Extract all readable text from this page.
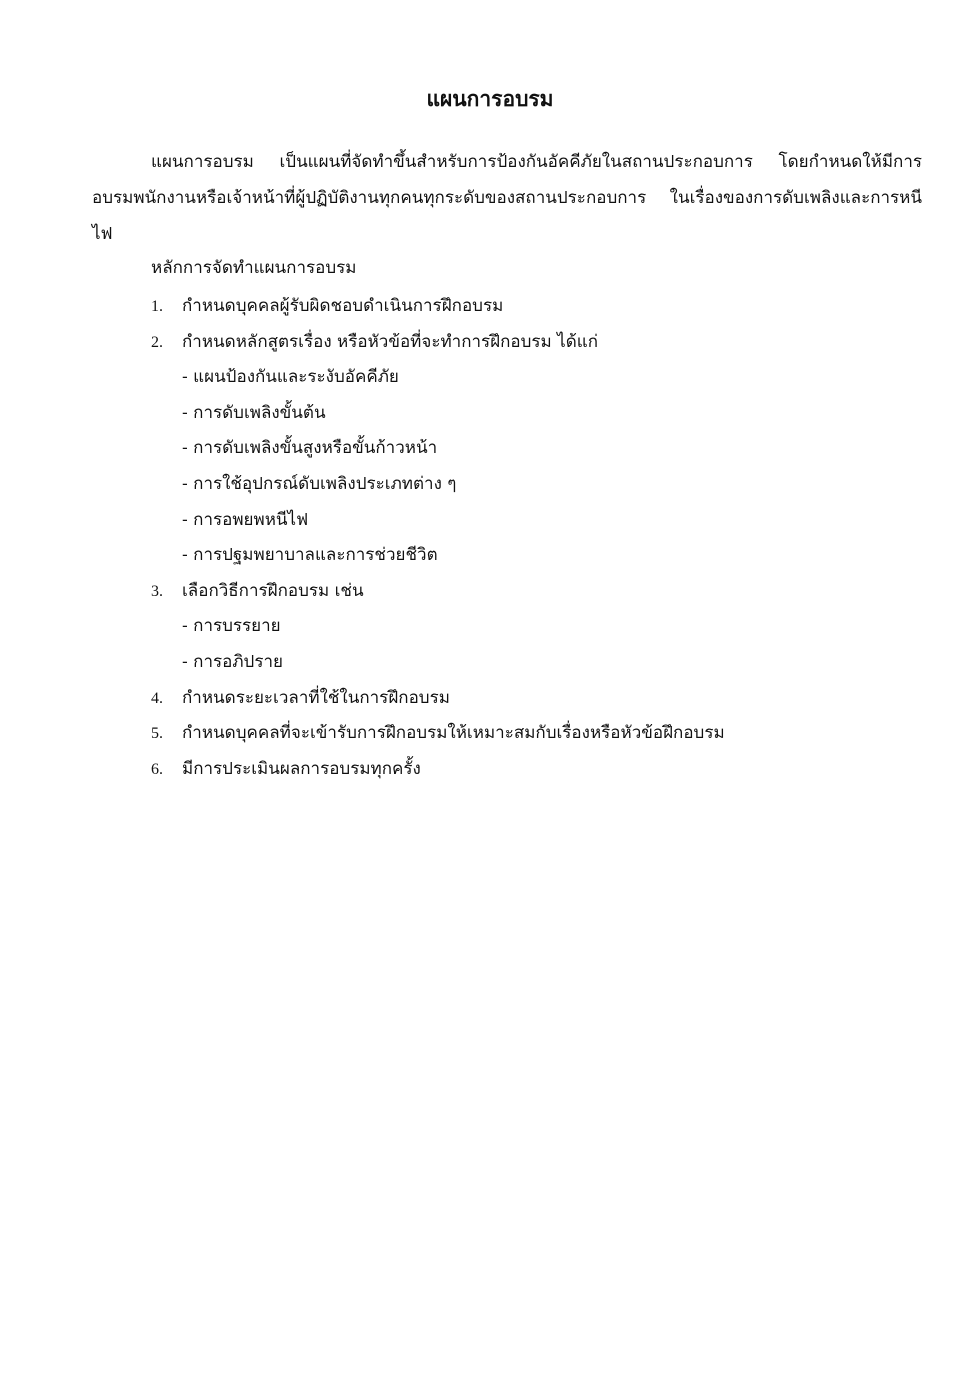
แผนการอบรม

แผนการอบรม เป็นแผนที่จัดทำขึ้นสำหรับการป้องกันอัคคีภัยในสถานประกอบการ โดยกำหนดให้มีการอบรมพนักงานหรือเจ้าหน้าที่ผู้ปฏิบัติงานทุกคนทุกระดับของสถานประกอบการ ในเรื่องของการดับเพลิงและการหนีไฟ

หลักการจัดทำแผนการอบรม
1. กำหนดบุคคลผู้รับผิดชอบดำเนินการฝึกอบรม
2. กำหนดหลักสูตรเรื่อง หรือหัวข้อที่จะทำการฝึกอบรม ได้แก่
- แผนป้องกันและระงับอัคคีภัย
- การดับเพลิงขั้นต้น
- การดับเพลิงขั้นสูงหรือขั้นก้าวหน้า
- การใช้อุปกรณ์ดับเพลิงประเภทต่าง ๆ
- การอพยพหนีไฟ
- การปฐมพยาบาลและการช่วยชีวิต
3. เลือกวิธีการฝึกอบรม เช่น
- การบรรยาย
- การอภิปราย
4. กำหนดระยะเวลาที่ใช้ในการฝึกอบรม
5. กำหนดบุคคลที่จะเข้ารับการฝึกอบรมให้เหมาะสมกับเรื่องหรือหัวข้อฝึกอบรม
6. มีการประเมินผลการอบรมทุกครั้ง
